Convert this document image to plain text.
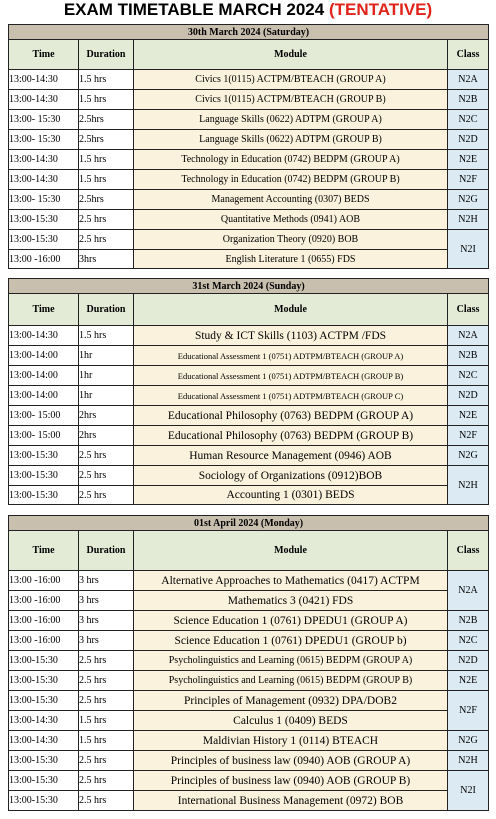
EXAM TIMETABLE MARCH 2024 (TENTATIVE)
30th March 2024 (Saturday)			
Time	Duration	Module	Class
13:00-14:30	1.5 hrs	Civics 1(0115) ACTPM/BTEACH (GROUP A)	N2A
13:00-14:30	1.5 hrs	Civics 1(0115) ACTPM/BTEACH (GROUP B)	N2B
13:00- 15:30	2.5hrs	Language Skills (0622) ADTPM (GROUP A)	N2C
13:00- 15:30	2.5hrs	Language Skills (0622) ADTPM (GROUP B)	N2D
13:00-14:30	1.5 hrs	Technology in Education (0742) BEDPM (GROUP A)	N2E
13:00-14:30	1.5 hrs	Technology in Education (0742) BEDPM (GROUP B)	N2F
13:00- 15:30	2.5hrs	Management Accounting (0307) BEDS	N2G
13:00-15:30	2.5 hrs	Quantitative Methods (0941) AOB	N2H
13:00-15:30	2.5 hrs	Organization Theory (0920) BOB	N2I
13:00 -16:00	3hrs	English Literature 1 (0655) FDS	
31st March 2024 (Sunday)			
Time	Duration	Module	Class
13:00-14:30	1.5 hrs	Study & ICT Skills (1103) ACTPM /FDS	N2A
13:00-14:00	1hr	Educational Assessment 1 (0751) ADTPM/BTEACH (GROUP A)	N2B
13:00-14:00	1hr	Educational Assessment 1 (0751) ADTPM/BTEACH (GROUP B)	N2C
13:00-14:00	1hr	Educational Assessment 1 (0751) ADTPM/BTEACH (GROUP C)	N2D
13:00- 15:00	2hrs	Educational Philosophy (0763) BEDPM (GROUP A)	N2E
13:00- 15:00	2hrs	Educational Philosophy (0763) BEDPM (GROUP B)	N2F
13:00-15:30	2.5 hrs	Human Resource Management (0946) AOB	N2G
13:00-15:30	2.5 hrs	Sociology of Organizations (0912)BOB	N2H
13:00-15:30	2.5 hrs	Accounting 1 (0301) BEDS	
01st April 2024 (Monday)			
Time	Duration	Module	Class
13:00 -16:00	3 hrs	Alternative Approaches to Mathematics (0417) ACTPM	N2A
13:00 -16:00	3 hrs	Mathematics 3 (0421) FDS	
13:00 -16:00	3 hrs	Science Education 1 (0761) DPEDU1 (GROUP A)	N2B
13:00 -16:00	3 hrs	Science Education 1 (0761) DPEDU1 (GROUP b)	N2C
13:00-15:30	2.5 hrs	Psycholinguistics and Learning (0615) BEDPM (GROUP A)	N2D
13:00-15:30	2.5 hrs	Psycholinguistics and Learning (0615) BEDPM (GROUP B)	N2E
13:00-15:30	2.5 hrs	Principles of Management (0932) DPA/DOB2	N2F
13:00-14:30	1.5 hrs	Calculus 1 (0409) BEDS	
13:00-14:30	1.5 hrs	Maldivian History 1 (0114) BTEACH	N2G
13:00-15:30	2.5 hrs	Principles of business law (0940) AOB (GROUP A)	N2H
13:00-15:30	2.5 hrs	Principles of business law (0940) AOB (GROUP B)	N2I
13:00-15:30	2.5 hrs	International Business Management (0972) BOB	
